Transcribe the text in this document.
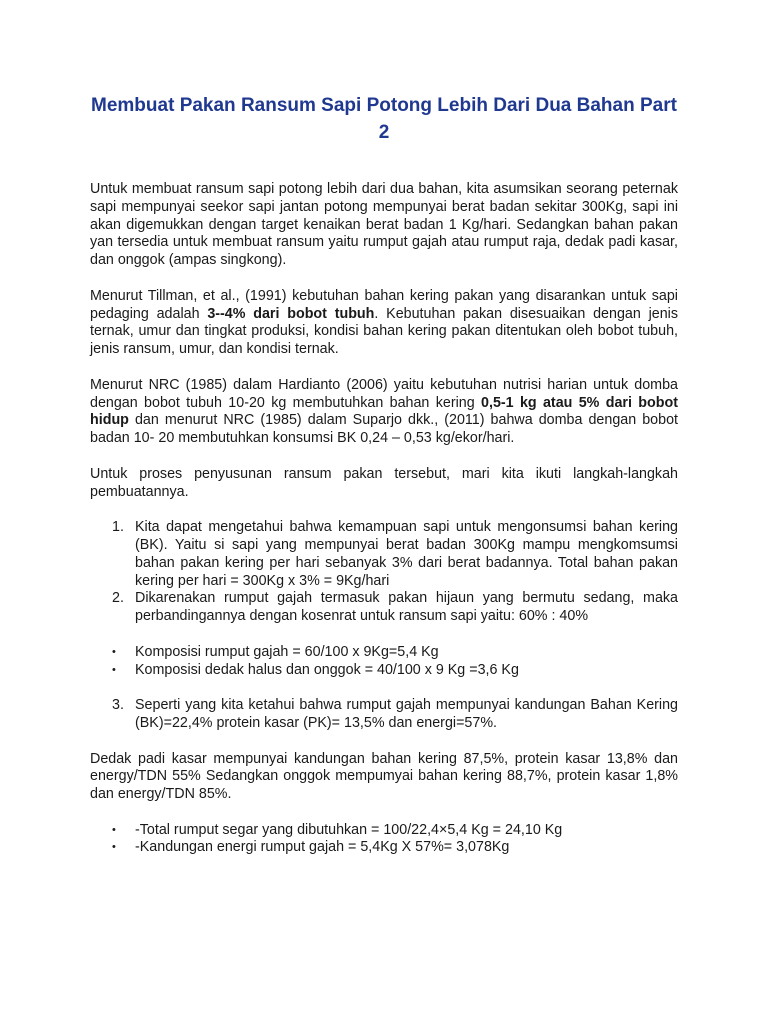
Membuat Pakan Ransum Sapi Potong Lebih Dari Dua Bahan Part 2

Untuk membuat ransum sapi potong lebih dari dua bahan, kita asumsikan seorang peternak sapi mempunyai seekor sapi jantan potong mempunyai berat badan sekitar 300Kg, sapi ini akan digemukkan dengan target kenaikan berat badan 1 Kg/hari. Sedangkan bahan pakan yan tersedia untuk membuat ransum yaitu rumput gajah atau rumput raja, dedak padi kasar, dan onggok (ampas singkong).

Menurut Tillman, et al., (1991) kebutuhan bahan kering pakan yang disarankan untuk sapi pedaging adalah 3--4% dari bobot tubuh. Kebutuhan pakan disesuaikan dengan jenis ternak, umur dan tingkat produksi, kondisi bahan kering pakan ditentukan oleh bobot tubuh, jenis ransum, umur, dan kondisi ternak.

Menurut NRC (1985) dalam Hardianto (2006) yaitu kebutuhan nutrisi harian untuk domba dengan bobot tubuh 10-20 kg membutuhkan bahan kering 0,5-1 kg atau 5% dari bobot hidup dan menurut NRC (1985) dalam Suparjo dkk., (2011) bahwa domba dengan bobot badan 10- 20 membutuhkan konsumsi BK 0,24 – 0,53 kg/ekor/hari.

Untuk proses penyusunan ransum pakan tersebut, mari kita ikuti langkah-langkah pembuatannya.

1. Kita dapat mengetahui bahwa kemampuan sapi untuk mengonsumsi bahan kering (BK). Yaitu si sapi yang mempunyai berat badan 300Kg mampu mengkomsumsi bahan pakan kering per hari sebanyak 3% dari berat badannya. Total bahan pakan kering per hari = 300Kg x 3% = 9Kg/hari
2. Dikarenakan rumput gajah termasuk pakan hijaun yang bermutu sedang, maka perbandingannya dengan kosenrat untuk ransum sapi yaitu: 60% : 40%
• Komposisi rumput gajah = 60/100 x 9Kg=5,4 Kg
• Komposisi dedak halus dan onggok = 40/100 x 9 Kg =3,6 Kg
3. Seperti yang kita ketahui bahwa rumput gajah mempunyai kandungan Bahan Kering (BK)=22,4% protein kasar (PK)= 13,5% dan energi=57%.

Dedak padi kasar mempunyai kandungan bahan kering 87,5%, protein kasar 13,8% dan energy/TDN 55% Sedangkan onggok mempumyai bahan kering 88,7%, protein kasar 1,8% dan energy/TDN 85%.

• -Total rumput segar yang dibutuhkan = 100/22,4×5,4 Kg = 24,10 Kg
• -Kandungan energi rumput gajah = 5,4Kg X 57%= 3,078Kg
